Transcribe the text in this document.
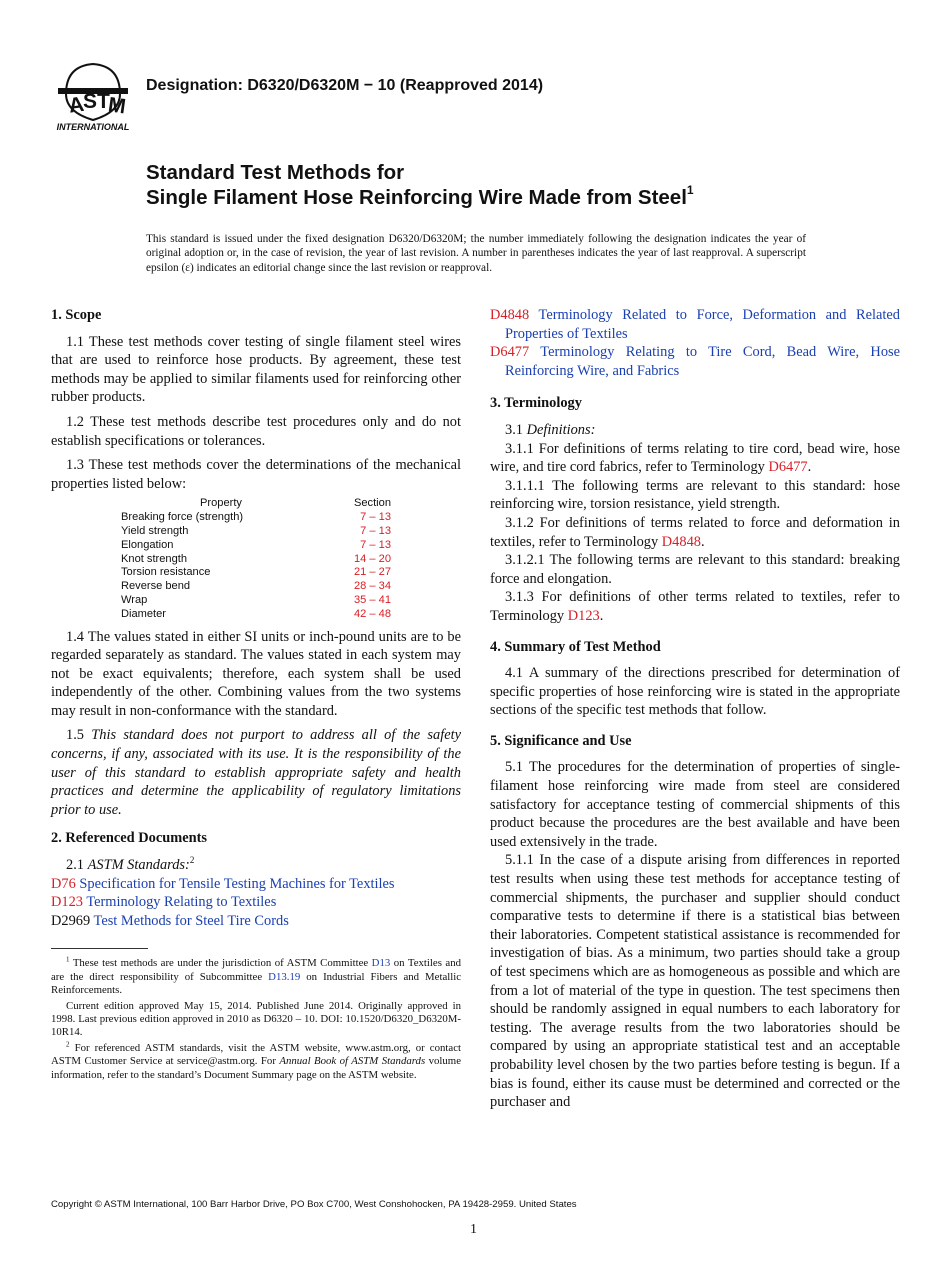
A
S T
M
INTERNATIONAL
Designation: D6320/D6320M − 10 (Reapproved 2014)
Standard Test Methods for
Single Filament Hose Reinforcing Wire Made from Steel$^1$
This standard is issued under the fixed designation D6320/D6320M; the number immediately following the designation indicates the year of original adoption or, in the case of revision, the year of last revision. A number in parentheses indicates the year of last reapproval. A superscript epsilon (ε) indicates an editorial change since the last revision or reapproval.
1. Scope

1.1 These test methods cover testing of single filament steel wires that are used to reinforce hose products. By agreement, these test methods may be applied to similar filaments used for reinforcing other rubber products.

1.2 These test methods describe test procedures only and do not establish specifications or tolerances.

1.3 These test methods cover the determinations of the mechanical properties listed below:

Property	Section
Breaking force (strength)	7 – 13
Yield strength	7 – 13
Elongation	7 – 13
Knot strength	14 – 20
Torsion resistance	21 – 27
Reverse bend	28 – 34
Wrap	35 – 41
Diameter	42 – 48

1.4 The values stated in either SI units or inch-pound units are to be regarded separately as standard. The values stated in each system may not be exact equivalents; therefore, each system shall be used independently of the other. Combining values from the two systems may result in non-conformance with the standard.

1.5 This standard does not purport to address all of the safety concerns, if any, associated with its use. It is the responsibility of the user of this standard to establish appropriate safety and health practices and determine the applicability of regulatory limitations prior to use.

2. Referenced Documents

2.1 ASTM Standards:$^2$

D76 Specification for Tensile Testing Machines for Textiles
D123 Terminology Relating to Textiles
D2969 Test Methods for Steel Tire Cords
$^1$ These test methods are under the jurisdiction of ASTM Committee D13 on Textiles and are the direct responsibility of Subcommittee D13.19 on Industrial Fibers and Metallic Reinforcements.
Current edition approved May 15, 2014. Published June 2014. Originally approved in 1998. Last previous edition approved in 2010 as D6320 – 10. DOI: 10.1520/D6320_D6320M-10R14.
$^2$ For referenced ASTM standards, visit the ASTM website, www.astm.org, or contact ASTM Customer Service at service@astm.org. For Annual Book of ASTM Standards volume information, refer to the standard’s Document Summary page on the ASTM website.
D4848 Terminology Related to Force, Deformation and Related Properties of Textiles
D6477 Terminology Relating to Tire Cord, Bead Wire, Hose Reinforcing Wire, and Fabrics
3. Terminology

3.1 Definitions:

3.1.1 For definitions of terms relating to tire cord, bead wire, hose wire, and tire cord fabrics, refer to Terminology D6477.

3.1.1.1 The following terms are relevant to this standard: hose reinforcing wire, torsion resistance, yield strength.

3.1.2 For definitions of terms related to force and deformation in textiles, refer to Terminology D4848.

3.1.2.1 The following terms are relevant to this standard: breaking force and elongation.

3.1.3 For definitions of other terms related to textiles, refer to Terminology D123.

4. Summary of Test Method

4.1 A summary of the directions prescribed for determination of specific properties of hose reinforcing wire is stated in the appropriate sections of the specific test methods that follow.

5. Significance and Use

5.1 The procedures for the determination of properties of single-filament hose reinforcing wire made from steel are considered satisfactory for acceptance testing of commercial shipments of this product because the procedures are the best available and have been used extensively in the trade.

5.1.1 In the case of a dispute arising from differences in reported test results when using these test methods for acceptance testing of commercial shipments, the purchaser and supplier should conduct comparative tests to determine if there is a statistical bias between their laboratories. Competent statistical assistance is recommended for investigation of bias. As a minimum, two parties should take a group of test specimens which are as homogeneous as possible and which are from a lot of material of the type in question. The test specimens then should be randomly assigned in equal numbers to each laboratory for testing. The average results from the two laboratories should be compared by using an appropriate statistical test and an acceptable probability level chosen by the two parties before testing is begun. If a bias is found, either its cause must be determined and corrected or the purchaser and

Copyright © ASTM International, 100 Barr Harbor Drive, PO Box C700, West Conshohocken, PA 19428-2959. United States
1
